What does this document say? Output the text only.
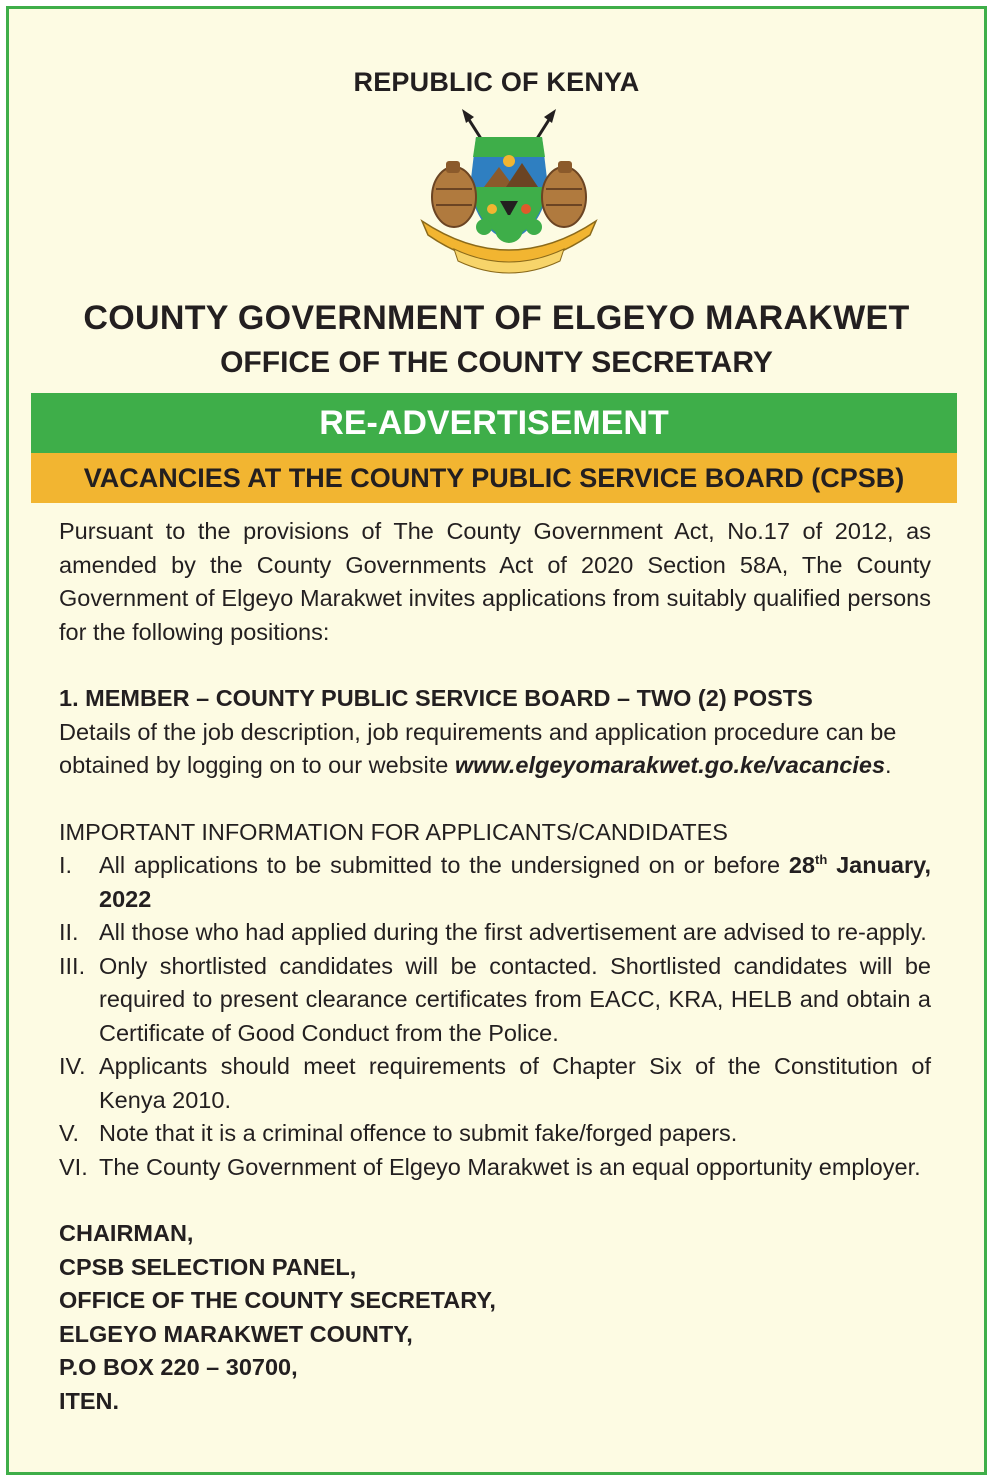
REPUBLIC OF KENYA
COUNTY GOVERNMENT OF ELGEYO MARAKWET
OFFICE OF THE COUNTY SECRETARY
RE-ADVERTISEMENT
VACANCIES AT THE COUNTY PUBLIC SERVICE BOARD (CPSB)

Pursuant to the provisions of The County Government Act, No.17 of 2012, as amended by the County Governments Act of 2020 Section 58A, The County Government of Elgeyo Marakwet invites applications from suitably qualified persons for the following positions:

1. MEMBER – COUNTY PUBLIC SERVICE BOARD – TWO (2) POSTS

Details of the job description, job requirements and application procedure can be obtained by logging on to our website www.elgeyomarakwet.go.ke/vacancies.

IMPORTANT INFORMATION FOR APPLICANTS/CANDIDATES

I. All applications to be submitted to the undersigned on or before 28th January, 2022
II. All those who had applied during the first advertisement are advised to re-apply.
III. Only shortlisted candidates will be contacted. Shortlisted candidates will be required to present clearance certificates from EACC, KRA, HELB and obtain a Certificate of Good Conduct from the Police.
IV. Applicants should meet requirements of Chapter Six of the Constitution of Kenya 2010.
V. Note that it is a criminal offence to submit fake/forged papers.
VI. The County Government of Elgeyo Marakwet is an equal opportunity employer.
CHAIRMAN,
CPSB SELECTION PANEL,
OFFICE OF THE COUNTY SECRETARY,
ELGEYO MARAKWET COUNTY,
P.O BOX 220 – 30700,
ITEN.
